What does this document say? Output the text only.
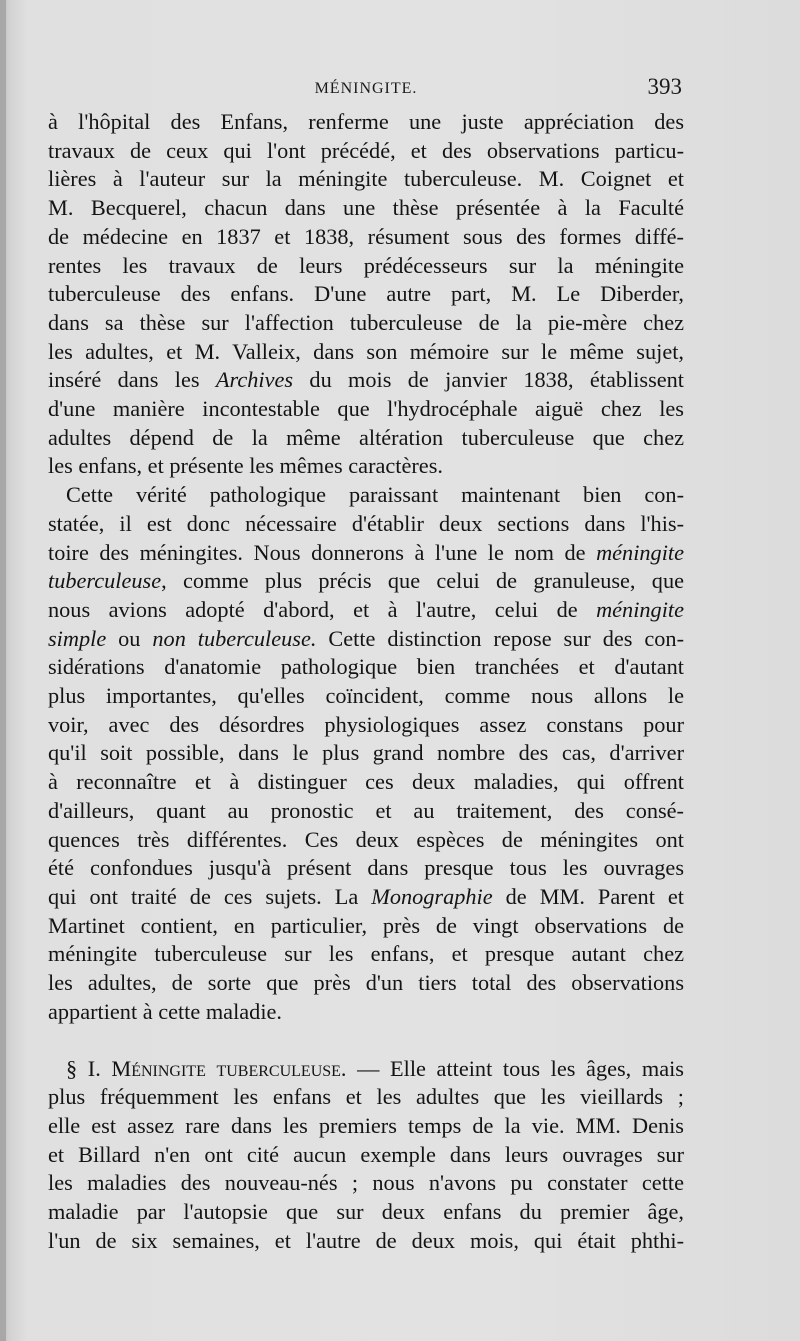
MÉNINGITE.	393

à l'hôpital des Enfans, renferme une juste appréciation des
travaux de ceux qui l'ont précédé, et des observations particu-
lières à l'auteur sur la méningite tuberculeuse. M. Coignet et
M. Becquerel, chacun dans une thèse présentée à la Faculté
de médecine en 1837 et 1838, résument sous des formes diffé-
rentes les travaux de leurs prédécesseurs sur la méningite
tuberculeuse des enfans. D'une autre part, M. Le Diberder,
dans sa thèse sur l'affection tuberculeuse de la pie-mère chez
les adultes, et M. Valleix, dans son mémoire sur le même sujet,
inséré dans les Archives du mois de janvier 1838, établissent
d'une manière incontestable que l'hydrocéphale aiguë chez les
adultes dépend de la même altération tuberculeuse que chez
les enfans, et présente les mêmes caractères.

Cette vérité pathologique paraissant maintenant bien con-
statée, il est donc nécessaire d'établir deux sections dans l'his-
toire des méningites. Nous donnerons à l'une le nom de méningite
tuberculeuse, comme plus précis que celui de granuleuse, que
nous avions adopté d'abord, et à l'autre, celui de méningite
simple ou non tuberculeuse. Cette distinction repose sur des con-
sidérations d'anatomie pathologique bien tranchées et d'autant
plus importantes, qu'elles coïncident, comme nous allons le
voir, avec des désordres physiologiques assez constans pour
qu'il soit possible, dans le plus grand nombre des cas, d'arriver
à reconnaître et à distinguer ces deux maladies, qui offrent
d'ailleurs, quant au pronostic et au traitement, des consé-
quences très différentes. Ces deux espèces de méningites ont
été confondues jusqu'à présent dans presque tous les ouvrages
qui ont traité de ces sujets. La Monographie de MM. Parent et
Martinet contient, en particulier, près de vingt observations de
méningite tuberculeuse sur les enfans, et presque autant chez
les adultes, de sorte que près d'un tiers total des observations
appartient à cette maladie.

§ I. Méningite tuberculeuse. — Elle atteint tous les âges, mais
plus fréquemment les enfans et les adultes que les vieillards ;
elle est assez rare dans les premiers temps de la vie. MM. Denis
et Billard n'en ont cité aucun exemple dans leurs ouvrages sur
les maladies des nouveau-nés ; nous n'avons pu constater cette
maladie par l'autopsie que sur deux enfans du premier âge,
l'un de six semaines, et l'autre de deux mois, qui était phthi-
